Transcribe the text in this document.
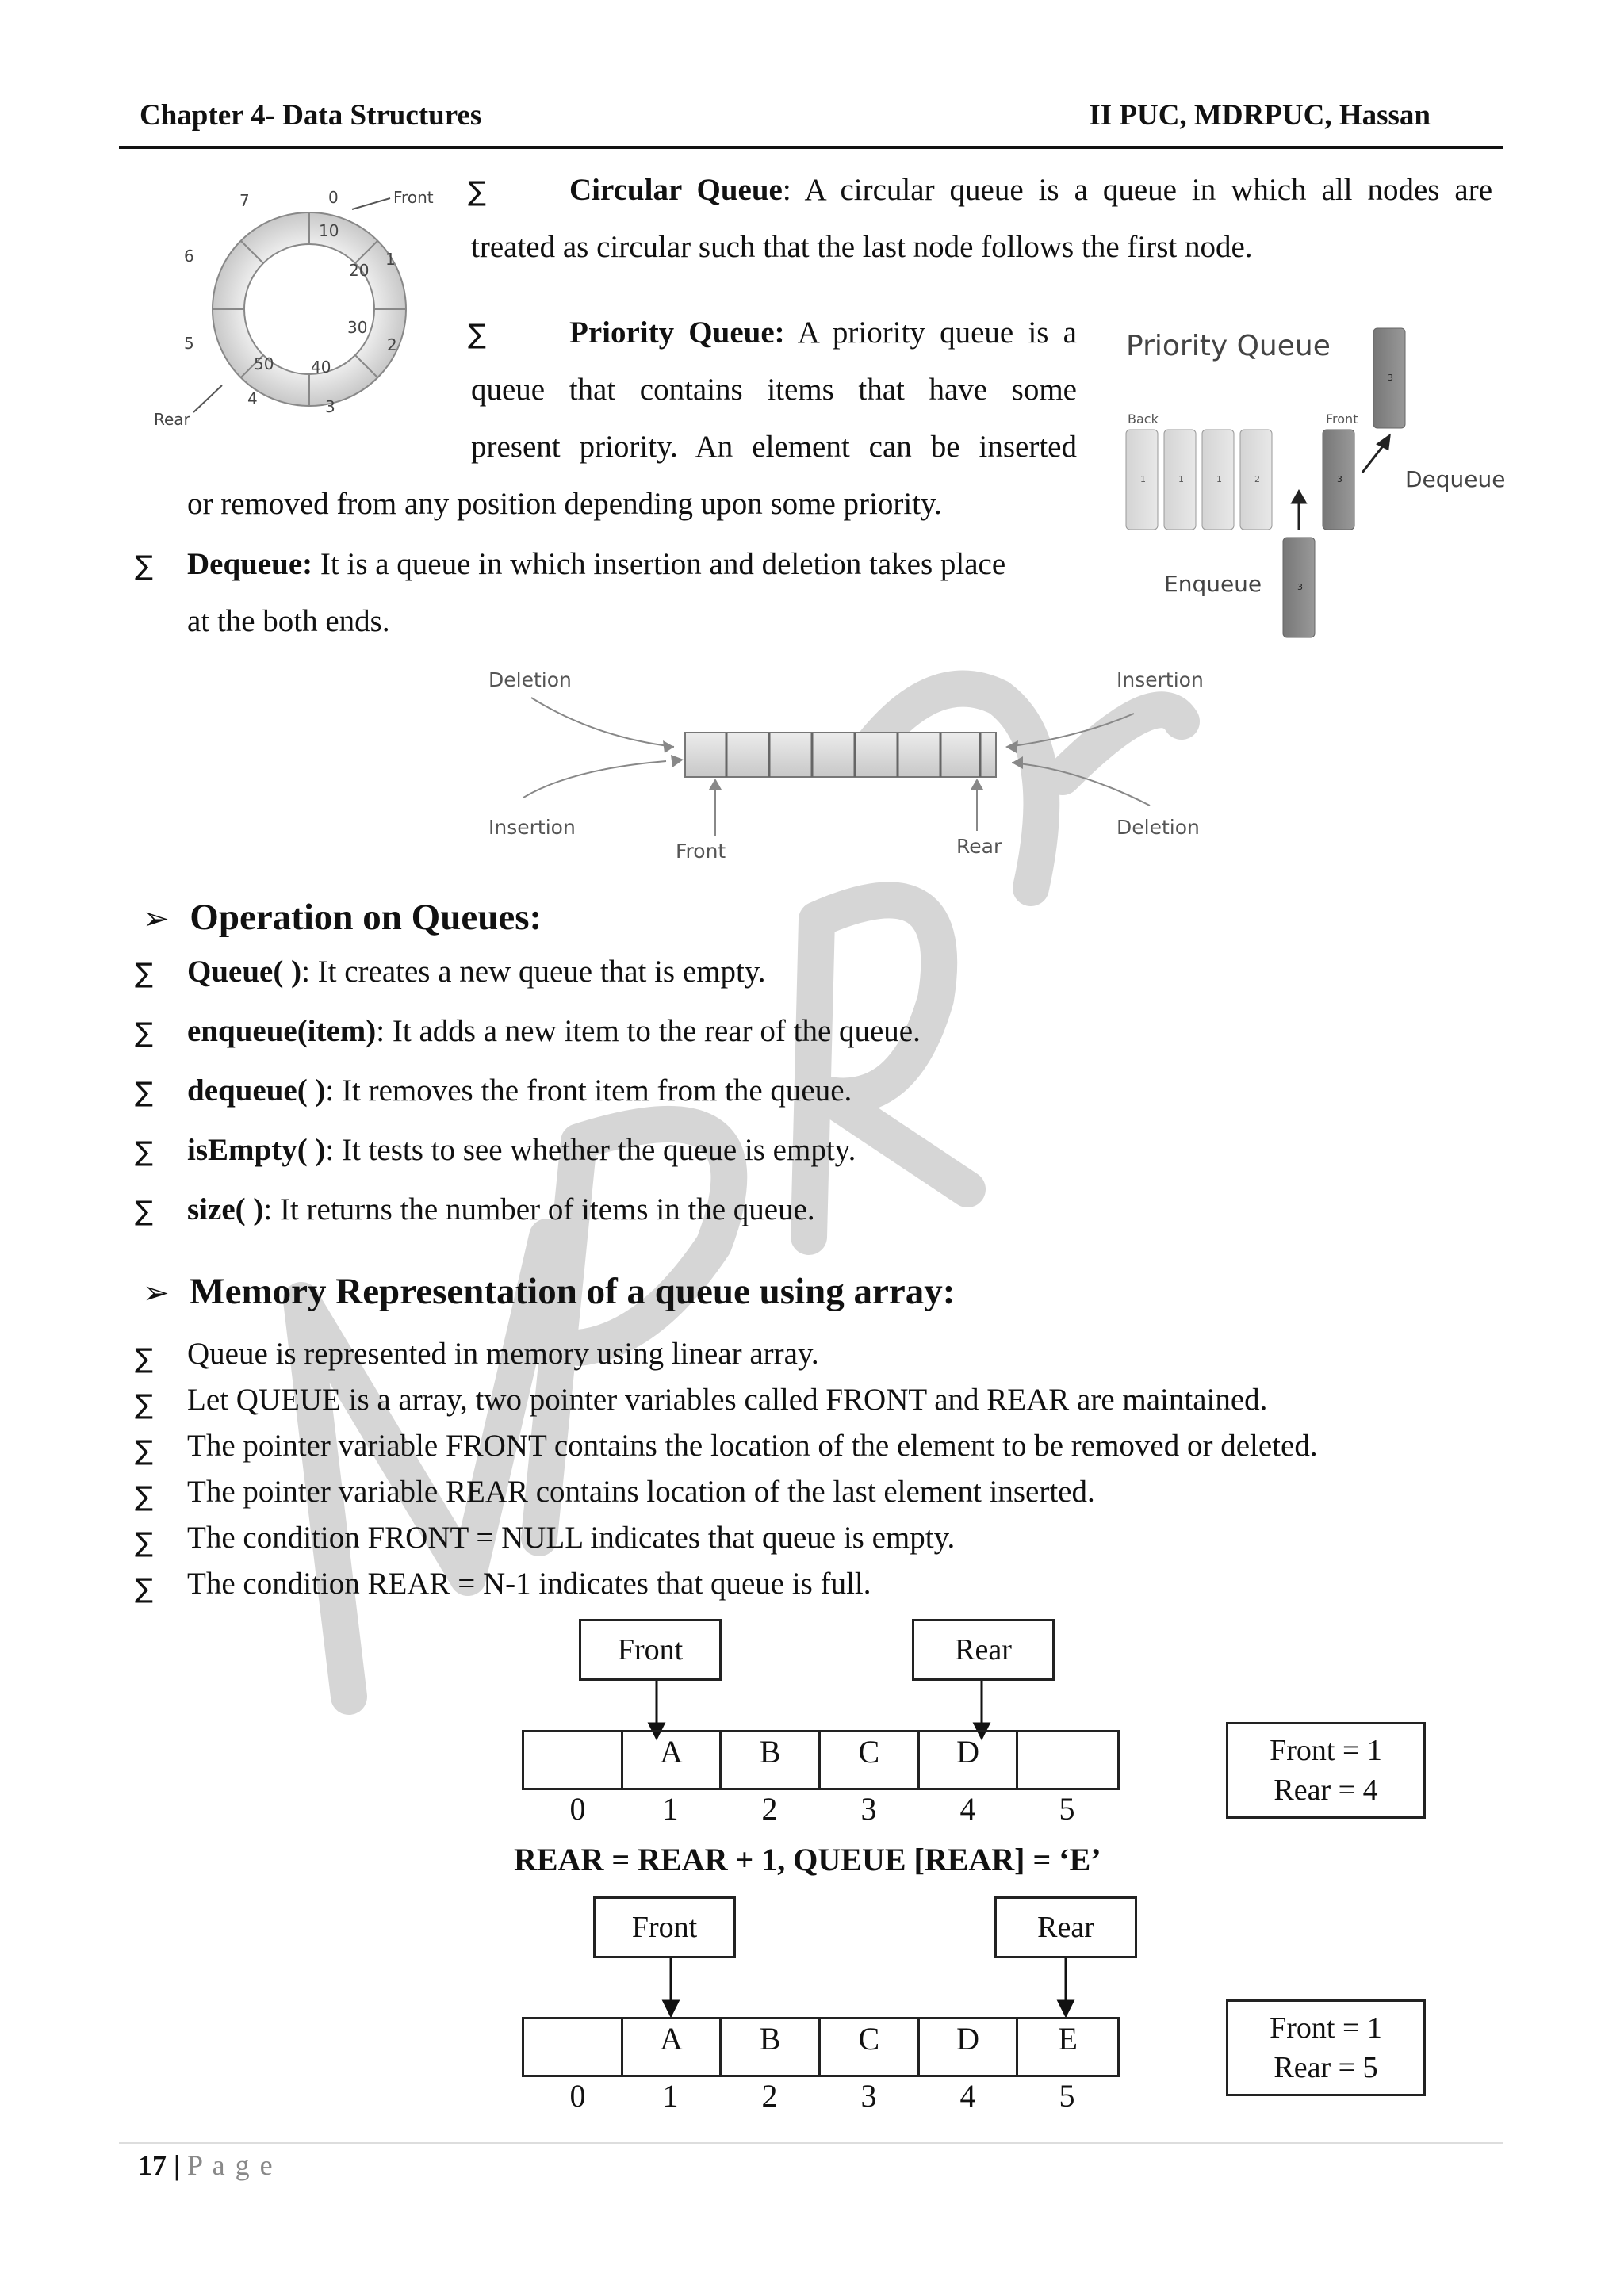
Chapter 4- Data Structures	II PUC, MDRPUC, Hassan
10
20
30
40
50
0
1
2
3
4
5
6
7	Front
Rear
∑	Circular Queue: A circular queue is a queue in which all nodes are
treated as circular such that the last node follows the first node.
∑	Priority Queue: A priority queue is a
queue that contains items that have some
present priority. An element can be inserted
or removed from any position depending upon some priority.
Priority Queue
Back	Front
1	1	1	2	3
3
3
Dequeue
Enqueue
∑ Dequeue: It is a queue in which insertion and deletion takes place
at the both ends.
Deletion	Insertion
Insertion	Deletion
Front	Rear
➢ Operation on Queues:
∑ Queue( ): It creates a new queue that is empty.
∑ enqueue(item): It adds a new item to the rear of the queue.
∑ dequeue( ): It removes the front item from the queue.
∑ isEmpty( ): It tests to see whether the queue is empty.
∑ size( ): It returns the number of items in the queue.
➢ Memory Representation of a queue using array:
∑ Queue is represented in memory using linear array.
∑ Let QUEUE is a array, two pointer variables called FRONT and REAR are maintained.
∑ The pointer variable FRONT contains the location of the element to be removed or deleted.
∑ The pointer variable REAR contains location of the last element inserted.
∑ The condition FRONT = NULL indicates that queue is empty.
∑ The condition REAR = N-1 indicates that queue is full.
Front	Rear
A	B	C	D
0	1	2	3	4	5
Front = 1
Rear = 4
REAR = REAR + 1, QUEUE [REAR] = ‘E’
Front	Rear
A	B	C	D	E
0	1	2	3	4	5
Front = 1
Rear = 5
17 | P a g e
